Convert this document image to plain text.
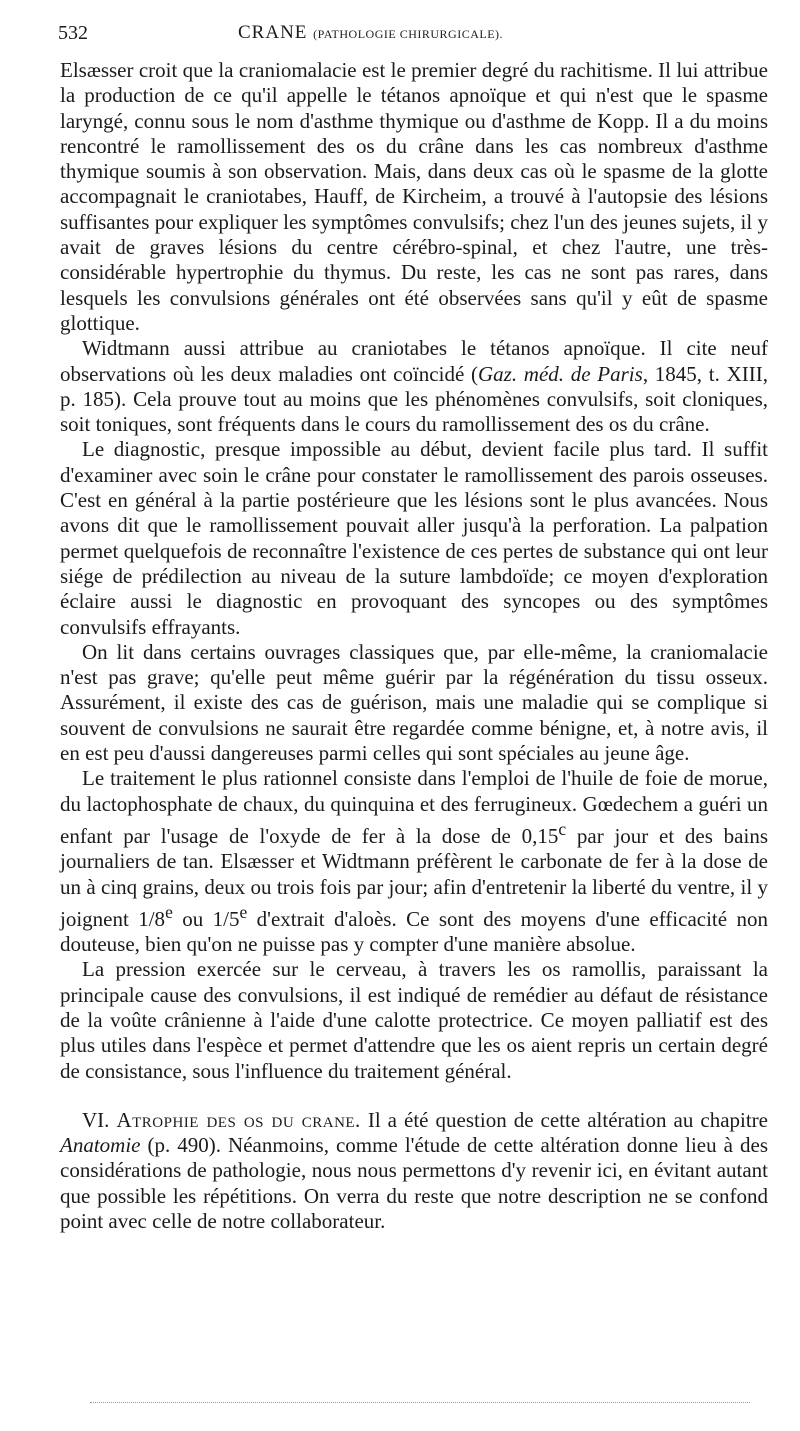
532	CRANE (PATHOLOGIE CHIRURGICALE).

Elsæsser croit que la craniomalacie est le premier degré du rachitisme. Il lui attribue la production de ce qu'il appelle le tétanos apnoïque et qui n'est que le spasme laryngé, connu sous le nom d'asthme thymique ou d'asthme de Kopp. Il a du moins rencontré le ramollissement des os du crâne dans les cas nombreux d'asthme thymique soumis à son observation. Mais, dans deux cas où le spasme de la glotte accompagnait le craniotabes, Hauff, de Kircheim, a trouvé à l'autopsie des lésions suffisantes pour expliquer les symptômes convulsifs; chez l'un des jeunes sujets, il y avait de graves lésions du centre cérébro-spinal, et chez l'autre, une très-considérable hypertrophie du thymus. Du reste, les cas ne sont pas rares, dans lesquels les convulsions générales ont été observées sans qu'il y eût de spasme glottique.

Widtmann aussi attribue au craniotabes le tétanos apnoïque. Il cite neuf observations où les deux maladies ont coïncidé (Gaz. méd. de Paris, 1845, t. XIII, p. 185). Cela prouve tout au moins que les phénomènes convulsifs, soit cloniques, soit toniques, sont fréquents dans le cours du ramollissement des os du crâne.

Le diagnostic, presque impossible au début, devient facile plus tard. Il suffit d'examiner avec soin le crâne pour constater le ramollissement des parois osseuses. C'est en général à la partie postérieure que les lésions sont le plus avancées. Nous avons dit que le ramollissement pouvait aller jusqu'à la perforation. La palpation permet quelquefois de reconnaître l'existence de ces pertes de substance qui ont leur siége de prédilection au niveau de la suture lambdoïde; ce moyen d'exploration éclaire aussi le diagnostic en provoquant des syncopes ou des symptômes convulsifs effrayants.

On lit dans certains ouvrages classiques que, par elle-même, la craniomalacie n'est pas grave; qu'elle peut même guérir par la régénération du tissu osseux. Assurément, il existe des cas de guérison, mais une maladie qui se complique si souvent de convulsions ne saurait être regardée comme bénigne, et, à notre avis, il en est peu d'aussi dangereuses parmi celles qui sont spéciales au jeune âge.

Le traitement le plus rationnel consiste dans l'emploi de l'huile de foie de morue, du lactophosphate de chaux, du quinquina et des ferrugineux. Gœdechem a guéri un enfant par l'usage de l'oxyde de fer à la dose de 0,15$^c$ par jour et des bains journaliers de tan. Elsæsser et Widtmann préfèrent le carbonate de fer à la dose de un à cinq grains, deux ou trois fois par jour; afin d'entretenir la liberté du ventre, il y joignent 1/8e ou 1/5e d'extrait d'aloès. Ce sont des moyens d'une efficacité non douteuse, bien qu'on ne puisse pas y compter d'une manière absolue.

La pression exercée sur le cerveau, à travers les os ramollis, paraissant la principale cause des convulsions, il est indiqué de remédier au défaut de résistance de la voûte crânienne à l'aide d'une calotte protectrice. Ce moyen palliatif est des plus utiles dans l'espèce et permet d'attendre que les os aient repris un certain degré de consistance, sous l'influence du traitement général.

VI. Atrophie des os du crane. Il a été question de cette altération au chapitre Anatomie (p. 490). Néanmoins, comme l'étude de cette altération donne lieu à des considérations de pathologie, nous nous permettons d'y revenir ici, en évitant autant que possible les répétitions. On verra du reste que notre description ne se confond point avec celle de notre collaborateur.
